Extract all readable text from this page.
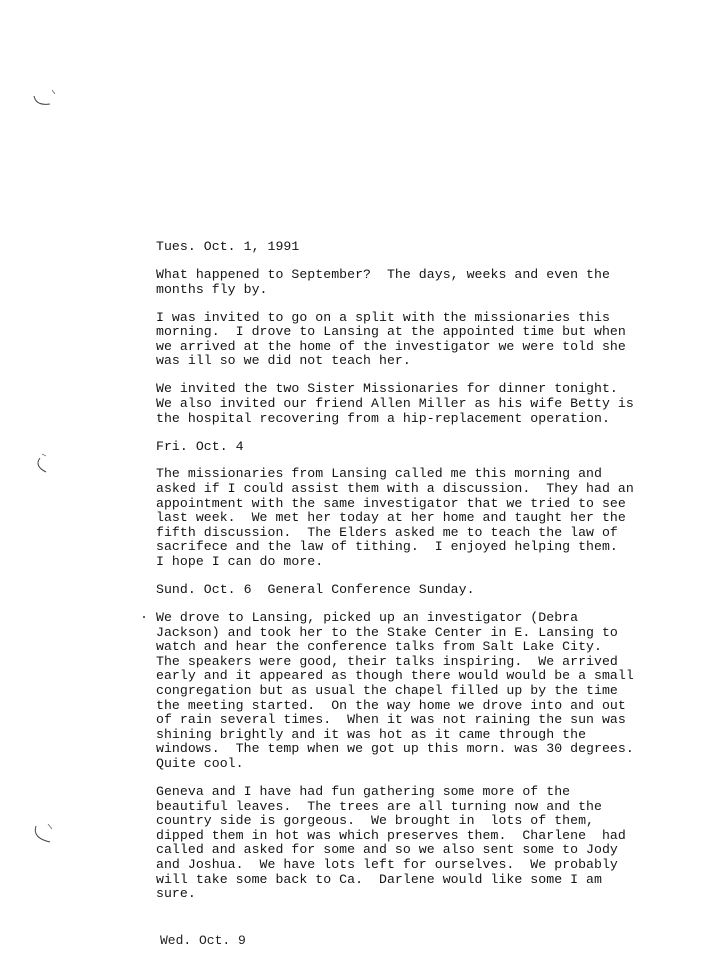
Tues. Oct. 1, 1991
What happened to September?  The days, weeks and even the
months fly by.
I was invited to go on a split with the missionaries this
morning.  I drove to Lansing at the appointed time but when
we arrived at the home of the investigator we were told she
was ill so we did not teach her.
We invited the two Sister Missionaries for dinner tonight.
We also invited our friend Allen Miller as his wife Betty is
the hospital recovering from a hip-replacement operation.
Fri. Oct. 4
The missionaries from Lansing called me this morning and
asked if I could assist them with a discussion.  They had an
appointment with the same investigator that we tried to see
last week.  We met her today at her home and taught her the
fifth discussion.  The Elders asked me to teach the law of
sacrifece and the law of tithing.  I enjoyed helping them.
I hope I can do more.
Sund. Oct. 6  General Conference Sunday.
We drove to Lansing, picked up an investigator (Debra
Jackson) and took her to the Stake Center in E. Lansing to
watch and hear the conference talks from Salt Lake City.
The speakers were good, their talks inspiring.  We arrived
early and it appeared as though there would would be a small
congregation but as usual the chapel filled up by the time
the meeting started.  On the way home we drove into and out
of rain several times.  When it was not raining the sun was
shining brightly and it was hot as it came through the
windows.  The temp when we got up this morn. was 30 degrees.
Quite cool.
Geneva and I have had fun gathering some more of the
beautiful leaves.  The trees are all turning now and the
country side is gorgeous.  We brought in  lots of them,
dipped them in hot was which preserves them.  Charlene  had
called and asked for some and so we also sent some to Jody
and Joshua.  We have lots left for ourselves.  We probably
will take some back to Ca.  Darlene would like some I am
sure.
Wed. Oct. 9
